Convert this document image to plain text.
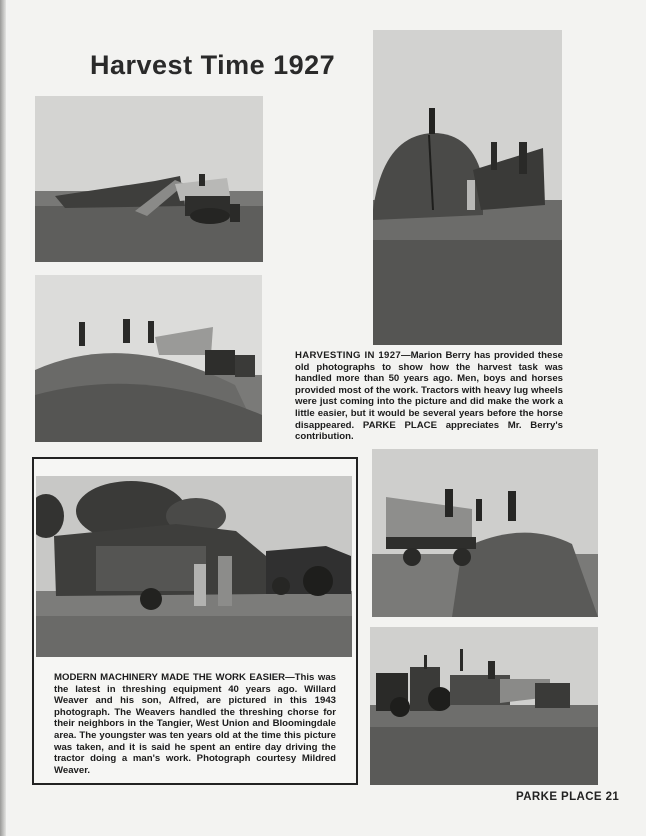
Harvest Time 1927
HARVESTING IN 1927—Marion Berry has provided these old photographs to show how the harvest task was handled more than 50 years ago. Men, boys and horses provided most of the work. Tractors with heavy lug wheels were just coming into the picture and did make the work a little easier, but it would be several years before the horse disappeared. PARKE PLACE appreciates Mr. Berry's contribution.
MODERN MACHINERY MADE THE WORK EASIER—This was the latest in threshing equipment 40 years ago. Willard Weaver and his son, Alfred, are pictured in this 1943 photograph. The Weavers handled the threshing chorse for their neighbors in the Tangier, West Union and Bloomingdale area. The youngster was ten years old at the time this picture was taken, and it is said he spent an entire day driving the tractor doing a man's work. Photograph courtesy Mildred Weaver.
PARKE PLACE 21
